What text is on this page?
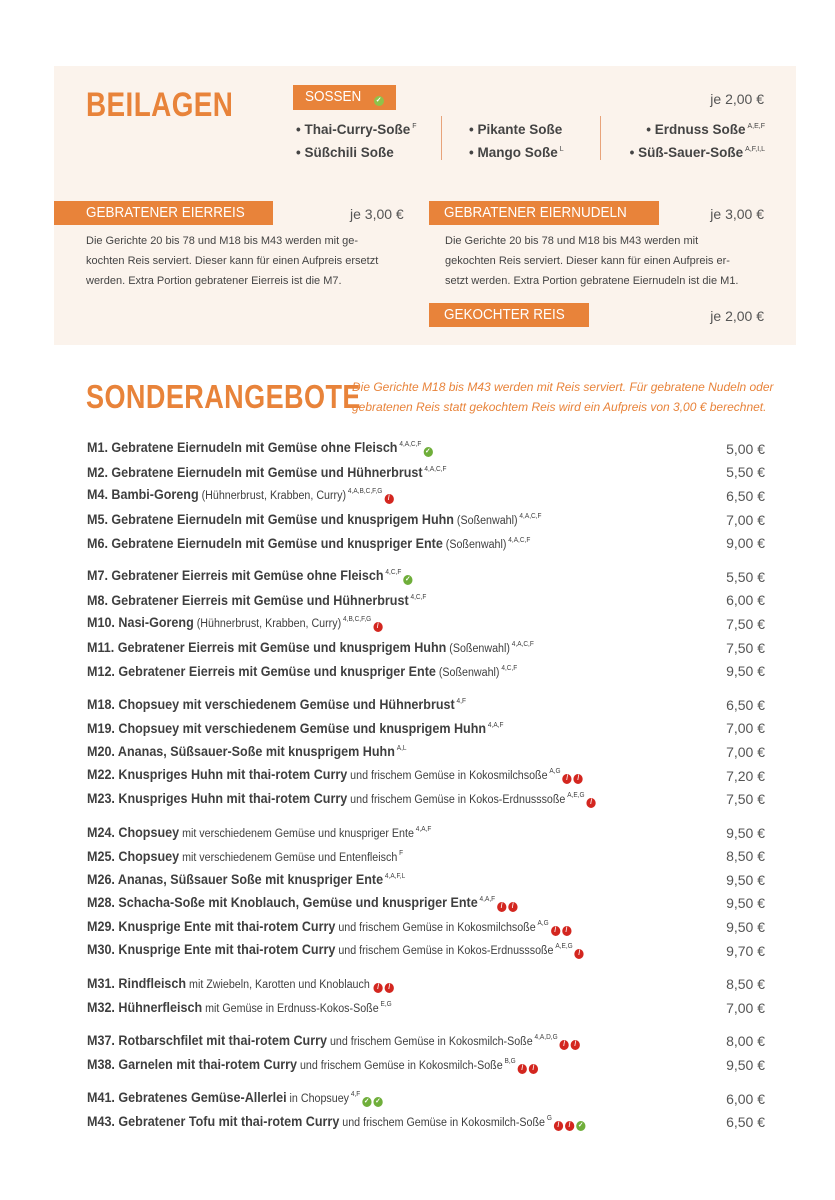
BEILAGEN	SOSSEN ✓	je 2,00 €
• Thai-Curry-Soße $^F$
• Süßchili Soße
• Pikante Soße
• Mango Soße $^L$
• Erdnuss Soße $^{A,E,F}$
• Süß-Sauer-Soße $^{A,F,I,L}$
GEBRATENER EIERREIS	je 3,00 €
Die Gerichte 20 bis 78 und M18 bis M43 werden mit ge-
kochten Reis serviert. Dieser kann für einen Aufpreis ersetzt
werden. Extra Portion gebratener Eierreis ist die M7.
GEBRATENER EIERNUDELN	je 3,00 €
Die Gerichte 20 bis 78 und M18 bis M43 werden mit
gekochten Reis serviert. Dieser kann für einen Aufpreis er-
setzt werden. Extra Portion gebratene Eiernudeln ist die M1.
GEKOCHTER REIS	je 2,00 €
SONDERANGEBOTE
Die Gerichte M18 bis M43 werden mit Reis serviert. Für gebratene Nudeln oder gebratenen Reis statt gekochtem Reis wird ein Aufpreis von 3,00 € berechnet.
M1. Gebratene Eiernudeln mit Gemüse ohne Fleisch $^{4,A,C,F}$✓	5,00 €
M2. Gebratene Eiernudeln mit Gemüse und Hühnerbrust $^{4,A,C,F}$	5,50 €
M4. Bambi-Goreng (Hühnerbrust, Krabben, Curry) $^{4,A,B,C,F,G}$/	6,50 €
M5. Gebratene Eiernudeln mit Gemüse und knusprigem Huhn (Soßenwahl) $^{4,A,C,F}$	7,00 €
M6. Gebratene Eiernudeln mit Gemüse und knuspriger Ente (Soßenwahl) $^{4,A,C,F}$	9,00 €
M7. Gebratener Eierreis mit Gemüse ohne Fleisch $^{4,C,F}$✓	5,50 €
M8. Gebratener Eierreis mit Gemüse und Hühnerbrust $^{4,C,F}$	6,00 €
M10. Nasi-Goreng (Hühnerbrust, Krabben, Curry) $^{4,B,C,F,G}$/	7,50 €
M11. Gebratener Eierreis mit Gemüse und knusprigem Huhn (Soßenwahl) $^{4,A,C,F}$	7,50 €
M12. Gebratener Eierreis mit Gemüse und knuspriger Ente (Soßenwahl) $^{4,C,F}$	9,50 €
M18. Chopsuey mit verschiedenem Gemüse und Hühnerbrust $^{4,F}$	6,50 €
M19. Chopsuey mit verschiedenem Gemüse und knusprigem Huhn $^{4,A,F}$	7,00 €
M20. Ananas, Süßsauer-Soße mit knusprigem Huhn $^{A,L}$	7,00 €
M22. Knuspriges Huhn mit thai-rotem Curry und frischem Gemüse in Kokosmilchsoße $^{A,G}$/ /	7,20 €
M23. Knuspriges Huhn mit thai-rotem Curry und frischem Gemüse in Kokos-Erdnusssoße $^{A,E,G}$/	7,50 €
M24. Chopsuey mit verschiedenem Gemüse und knuspriger Ente $^{4,A,F}$	9,50 €
M25. Chopsuey mit verschiedenem Gemüse und Entenfleisch $^F$	8,50 €
M26. Ananas, Süßsauer Soße mit knuspriger Ente $^{4,A,F,L}$	9,50 €
M28. Schacha-Soße mit Knoblauch, Gemüse und knuspriger Ente $^{4,A,F}$/ /	9,50 €
M29. Knusprige Ente mit thai-rotem Curry und frischem Gemüse in Kokosmilchsoße $^{A,G}$/ /	9,50 €
M30. Knusprige Ente mit thai-rotem Curry und frischem Gemüse in Kokos-Erdnusssoße $^{A,E,G}$/	9,70 €
M31. Rindfleisch mit Zwiebeln, Karotten und Knoblauch / /	8,50 €
M32. Hühnerfleisch mit Gemüse in Erdnuss-Kokos-Soße $^{E,G}$	7,00 €
M37. Rotbarschfilet mit thai-rotem Curry und frischem Gemüse in Kokosmilch-Soße $^{4,A,D,G}$/ /	8,00 €
M38. Garnelen mit thai-rotem Curry und frischem Gemüse in Kokosmilch-Soße $^{B,G}$/ /	9,50 €
M41. Gebratenes Gemüse-Allerlei in Chopsuey $^{4,F}$✓ ✓	6,00 €
M43. Gebratener Tofu mit thai-rotem Curry und frischem Gemüse in Kokosmilch-Soße $^G$/ / ✓	6,50 €
